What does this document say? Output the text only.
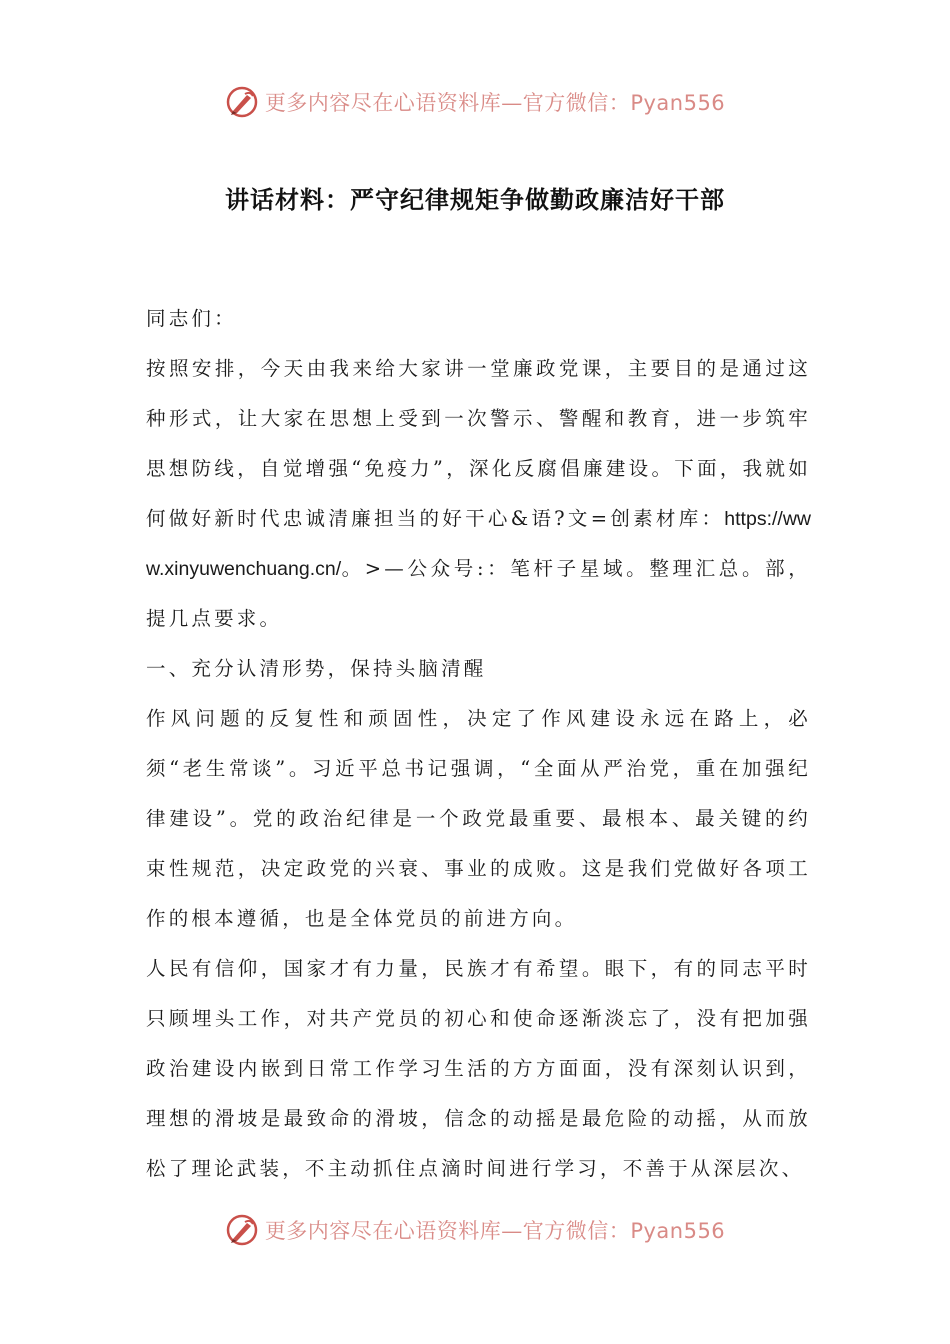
更多内容尽在心语资料库—官方微信：Pyan556
讲话材料：严守纪律规矩争做勤政廉洁好干部

同志们：

按照安排，今天由我来给大家讲一堂廉政党课，主要目的是通过这种形式，让大家在思想上受到一次警示、警醒和教育，进一步筑牢思想防线，自觉增强“免疫力”，深化反腐倡廉建设。下面，我就如何做好新时代忠诚清廉担当的好干心&语?文=创素材库：https://www.xinyuwenchuang.cn/。>—公众号:：笔杆子星域。整理汇总。部，提几点要求。

一、充分认清形势，保持头脑清醒

作风问题的反复性和顽固性，决定了作风建设永远在路上，必须“老生常谈”。习近平总书记强调，“全面从严治党，重在加强纪律建设”。党的政治纪律是一个政党最重要、最根本、最关键的约束性规范，决定政党的兴衰、事业的成败。这是我们党做好各项工作的根本遵循，也是全体党员的前进方向。

人民有信仰，国家才有力量，民族才有希望。眼下，有的同志平时只顾埋头工作，对共产党员的初心和使命逐渐淡忘了，没有把加强政治建设内嵌到日常工作学习生活的方方面面，没有深刻认识到，理想的滑坡是最致命的滑坡，信念的动摇是最危险的动摇，从而放松了理论武装，不主动抓住点滴时间进行学习，不善于从深层次、

更多内容尽在心语资料库—官方微信：Pyan556
